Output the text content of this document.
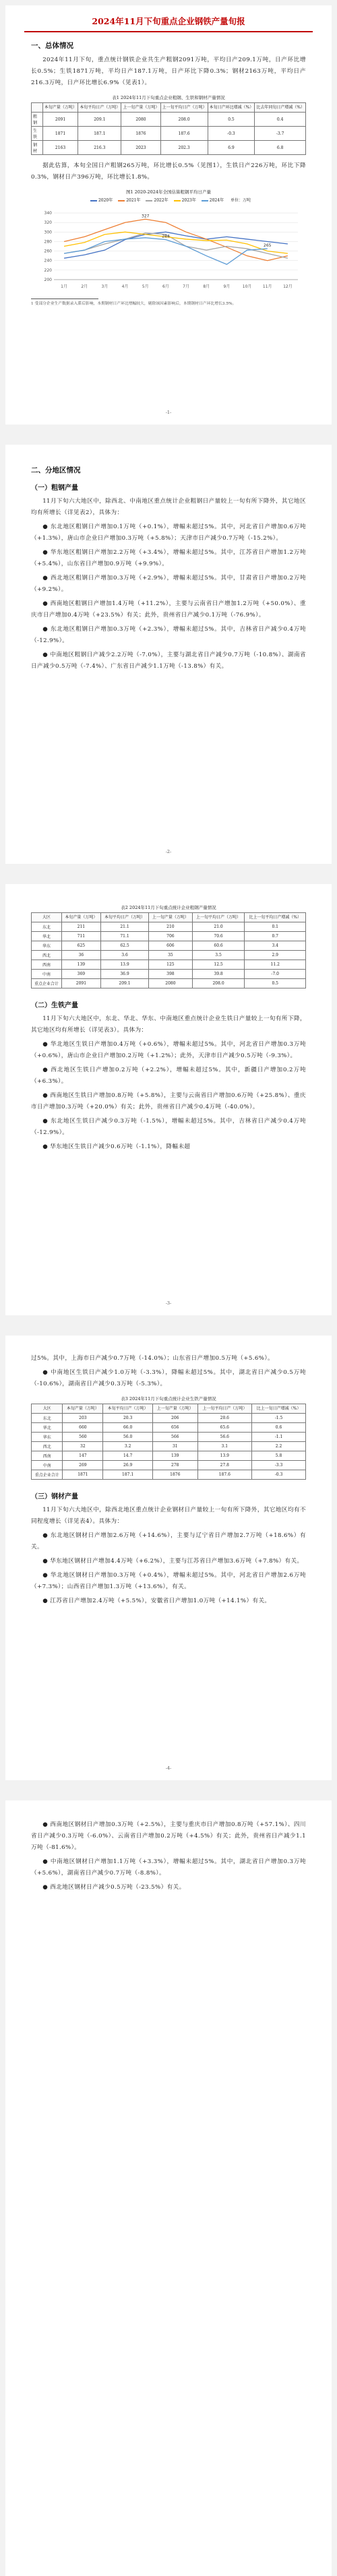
2024年11月下旬重点企业钢铁产量旬报
一、总体情况

2024年11月下旬，重点统计钢铁企业共生产粗钢2091万吨，平均日产209.1万吨，日产环比增长0.5%；生铁1871万吨，平均日产187.1万吨，日产环比下降0.3%；钢材2163万吨，平均日产216.3万吨，日产环比增长6.9%（见表1）。

表1 2024年11月下旬重点企业粗钢、生铁和钢材产量情况
	本旬产量（万吨）	本旬平均日产（万吨）	上一旬产量（万吨）	上一旬平均日产（万吨）	本旬日产环比增减（%）	比去年同旬日产增减（%）
粗钢	2091	209.1	2080	208.0	0.5	0.4
生铁	1871	187.1	1876	187.6	-0.3	-3.7
钢材	2163	216.3	2023	202.3	6.9	6.8

据此估算，本旬全国日产粗钢265万吨，环比增长0.5%（见图1），生铁日产226万吨，环比下降0.3%，钢材日产396万吨，环比增长1.8%。

图1 2020-2024年全国估算粗钢平均日产量
2020年	2021年	2022年	2023年	2024年 单位：万吨
200
220
240
260
280
300
320
340
1月	2月	3月	4月	5月	6月	7月	8月	9月	10月	11月	12月
327
284
265
1 受部分企业生产数据录入滞后影响，本期钢材日产环比增幅较大，剔除该因素影响后，本期钢材日产环比增长3.5%。
-1-
二、分地区情况
（一）粗钢产量

11月下旬六大地区中，除西北、中南地区重点统计企业粗钢日产量较上一旬有所下降外，其它地区均有所增长（详见表2），具体为：

● 东北地区粗钢日产增加0.1万吨（+0.1%），增幅未超过5%。其中，河北省日产增加0.6万吨（+1.3%），唐山市企业日产增加0.3万吨（+5.8%）；天津市日产减少0.7万吨（-15.2%）。

● 华东地区粗钢日产增加2.2万吨（+3.4%），增幅未超过5%。其中，江苏省日产增加1.2万吨（+5.4%），山东省日产增加0.9万吨（+9.9%）。

● 西北地区粗钢日产增加0.3万吨（+2.9%），增幅未超过5%。其中，甘肃省日产增加0.2万吨（+9.2%）。

● 西南地区粗钢日产增加1.4万吨（+11.2%），主要与云南省日产增加1.2万吨（+50.0%）、重庆市日产增加0.4万吨（+23.5%）有关；此外，贵州省日产减少0.1万吨（-76.9%）。

● 东北地区粗钢日产增加0.3万吨（+2.3%），增幅未超过5%。其中，吉林省日产减少0.4万吨（-12.9%）。

● 中南地区粗钢日产减少2.2万吨（-7.0%），主要与湖北省日产减少0.7万吨（-10.8%）、湖南省日产减少0.5万吨（-7.4%）、广东省日产减少1.1万吨（-13.8%）有关。

-2-
表2 2024年11月下旬重点统计企业粗钢产量情况
大区	本旬产量（万吨）	本旬平均日产（万吨）	上一旬产量（万吨）	上一旬平均日产（万吨）	比上一旬平均日产增减（%）
东北	211	21.1	210	21.0	0.1
华北	711	71.1	706	70.6	0.7
华东	625	62.5	606	60.6	3.4
西北	36	3.6	35	3.5	2.9
西南	139	13.9	125	12.5	11.2
中南	369	36.9	398	39.8	-7.0
重点企业合计	2091	209.1	2080	208.0	0.5
（二）生铁产量

11月下旬六大地区中，东北、华北、华东、中南地区重点统计企业生铁日产量较上一旬有所下降，其它地区均有所增长（详见表3）。具体为：

● 华北地区生铁日产增加0.4万吨（+0.6%），增幅未超过5%。其中，河北省日产增加0.3万吨（+0.6%），唐山市企业日产增加0.2万吨（+1.2%）；此外，天津市日产减少0.5万吨（-9.3%）。

● 西北地区生铁日产增加0.2万吨（+2.2%），增幅未超过5%。其中，新疆日产增加0.2万吨（+6.3%）。

● 西南地区生铁日产增加0.8万吨（+5.8%），主要与云南省日产增加0.6万吨（+25.8%）、重庆市日产增加0.3万吨（+20.0%）有关；此外，贵州省日产减少0.4万吨（-40.0%）。

● 东北地区生铁日产减少0.3万吨（-1.5%），增幅未超过5%。其中，吉林省日产减少0.4万吨（-12.9%）。

● 华东地区生铁日产减少0.6万吨（-1.1%），降幅未超

-3-

过5%。其中，上海市日产减少0.7万吨（-14.0%）；山东省日产增加0.5万吨（+5.6%）。

● 中南地区生铁日产减少1.0万吨（-3.3%），降幅未超过5%。其中，湖北省日产减少0.5万吨（-10.6%），湖南省日产减少0.3万吨（-5.3%）。

表3 2024年11月下旬重点统计企业生铁产量情况
大区	本旬产量（万吨）	本旬平均日产（万吨）	上一旬产量（万吨）	上一旬平均日产（万吨）	比上一旬日产增减（%）
东北	203	20.3	206	20.6	-1.5
华北	660	66.0	656	65.6	0.6
华东	560	56.0	566	56.6	-1.1
西北	32	3.2	31	3.1	2.2
西南	147	14.7	139	13.9	5.8
中南	269	26.9	278	27.8	-3.3
重点企业合计	1871	187.1	1876	187.6	-0.3
（三）钢材产量

11月下旬六大地区中，除西北地区重点统计企业钢材日产量较上一旬有所下降外，其它地区均有不同程度增长（详见表4）。具体为：

● 东北地区钢材日产增加2.6万吨（+14.6%），主要与辽宁省日产增加2.7万吨（+18.6%）有关。

● 华东地区钢材日产增加4.4万吨（+6.2%），主要与江苏省日产增加3.6万吨（+7.8%）有关。

● 华北地区钢材日产增加0.3万吨（+0.4%），增幅未超过5%。其中，河北省日产增加2.6万吨（+7.3%）；山西省日产增加1.3万吨（+13.6%），有关。

● 江苏省日产增加2.4万吨（+5.5%），安徽省日产增加1.0万吨（+14.1%）有关。

-4-

● 西南地区钢材日产增加0.3万吨（+2.5%），主要与重庆市日产增加0.8万吨（+57.1%）、四川省日产减少0.3万吨（-6.0%）、云南省日产增加0.2万吨（+4.5%）有关；此外，贵州省日产减少1.1万吨（-81.6%）。

● 中南地区钢材日产增加1.1万吨（+3.3%），增幅未超过5%。其中，湖北省日产增加0.3万吨（+5.6%），湖南省日产减少0.7万吨（-8.8%）。

● 西北地区钢材日产减少0.5万吨（-23.5%）有关。
